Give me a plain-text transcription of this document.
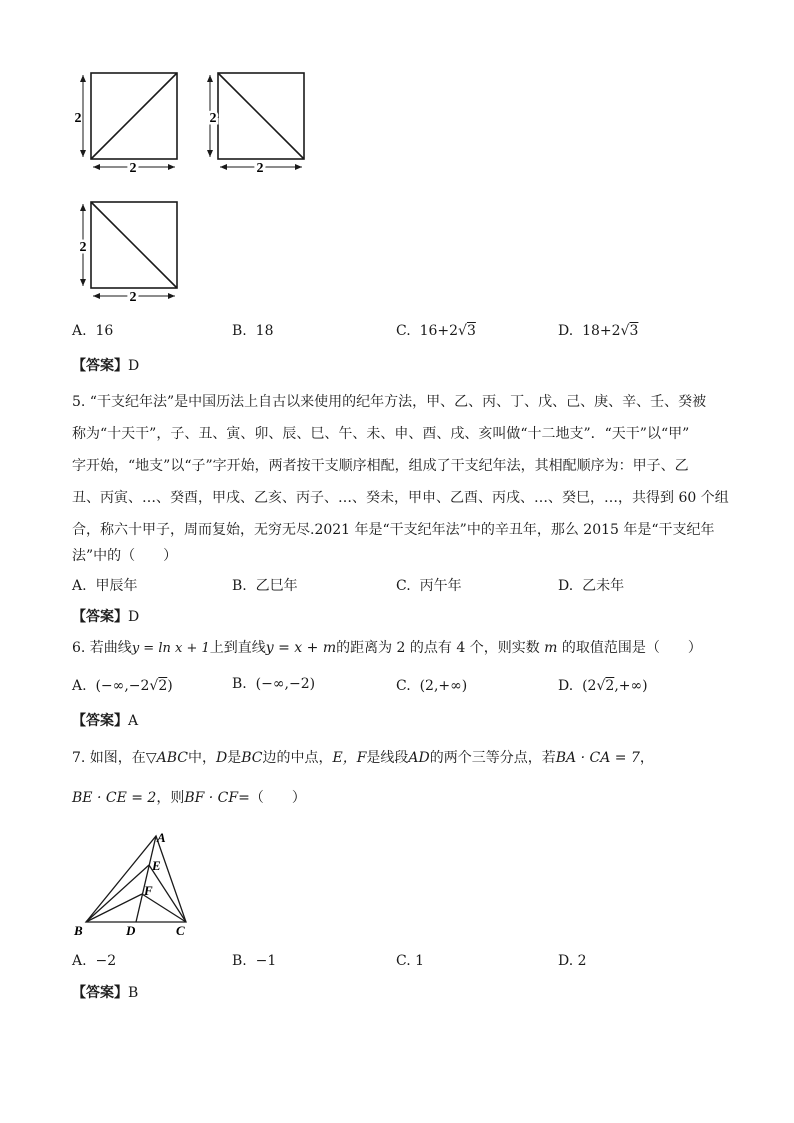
2
2
2
2
2
2
A. 16	B. 18	C. 16+2√3	D. 18+2√3
【答案】D
5. “干支纪年法”是中国历法上自古以来使用的纪年方法，甲、乙、丙、丁、戊、己、庚、辛、壬、癸被
称为“十天干”，子、丑、寅、卯、辰、巳、午、未、申、酉、戌、亥叫做“十二地支”．“天干”以“甲”
字开始，“地支”以“子”字开始，两者按干支顺序相配，组成了干支纪年法，其相配顺序为：甲子、乙
丑、丙寅、…、癸酉，甲戌、乙亥、丙子、…、癸未，甲申、乙酉、丙戌、…、癸巳，…，共得到 60 个组
合，称六十甲子，周而复始，无穷无尽.2021 年是“干支纪年法”中的辛丑年，那么 2015 年是“干支纪年
法”中的（　　）
A. 甲辰年	B. 乙巳年	C. 丙午年	D. 乙未年
【答案】D
6. 若曲线y = ln x + 1上到直线y = x + m的距离为 2 的点有 4 个，则实数 m 的取值范围是（　　）
A. (−∞,−2√2)	B. (−∞,−2)	C. (2,+∞)	D. (2√2,+∞)
【答案】A
7. 如图，在▽ABC中，D是BC边的中点，E，F是线段AD的两个三等分点，若BA · CA = 7，
BE · CE = 2，则BF · CF=（　　）
A
B	C
D
E
F
A. −2	B. −1	C. 1	D. 2
【答案】B
